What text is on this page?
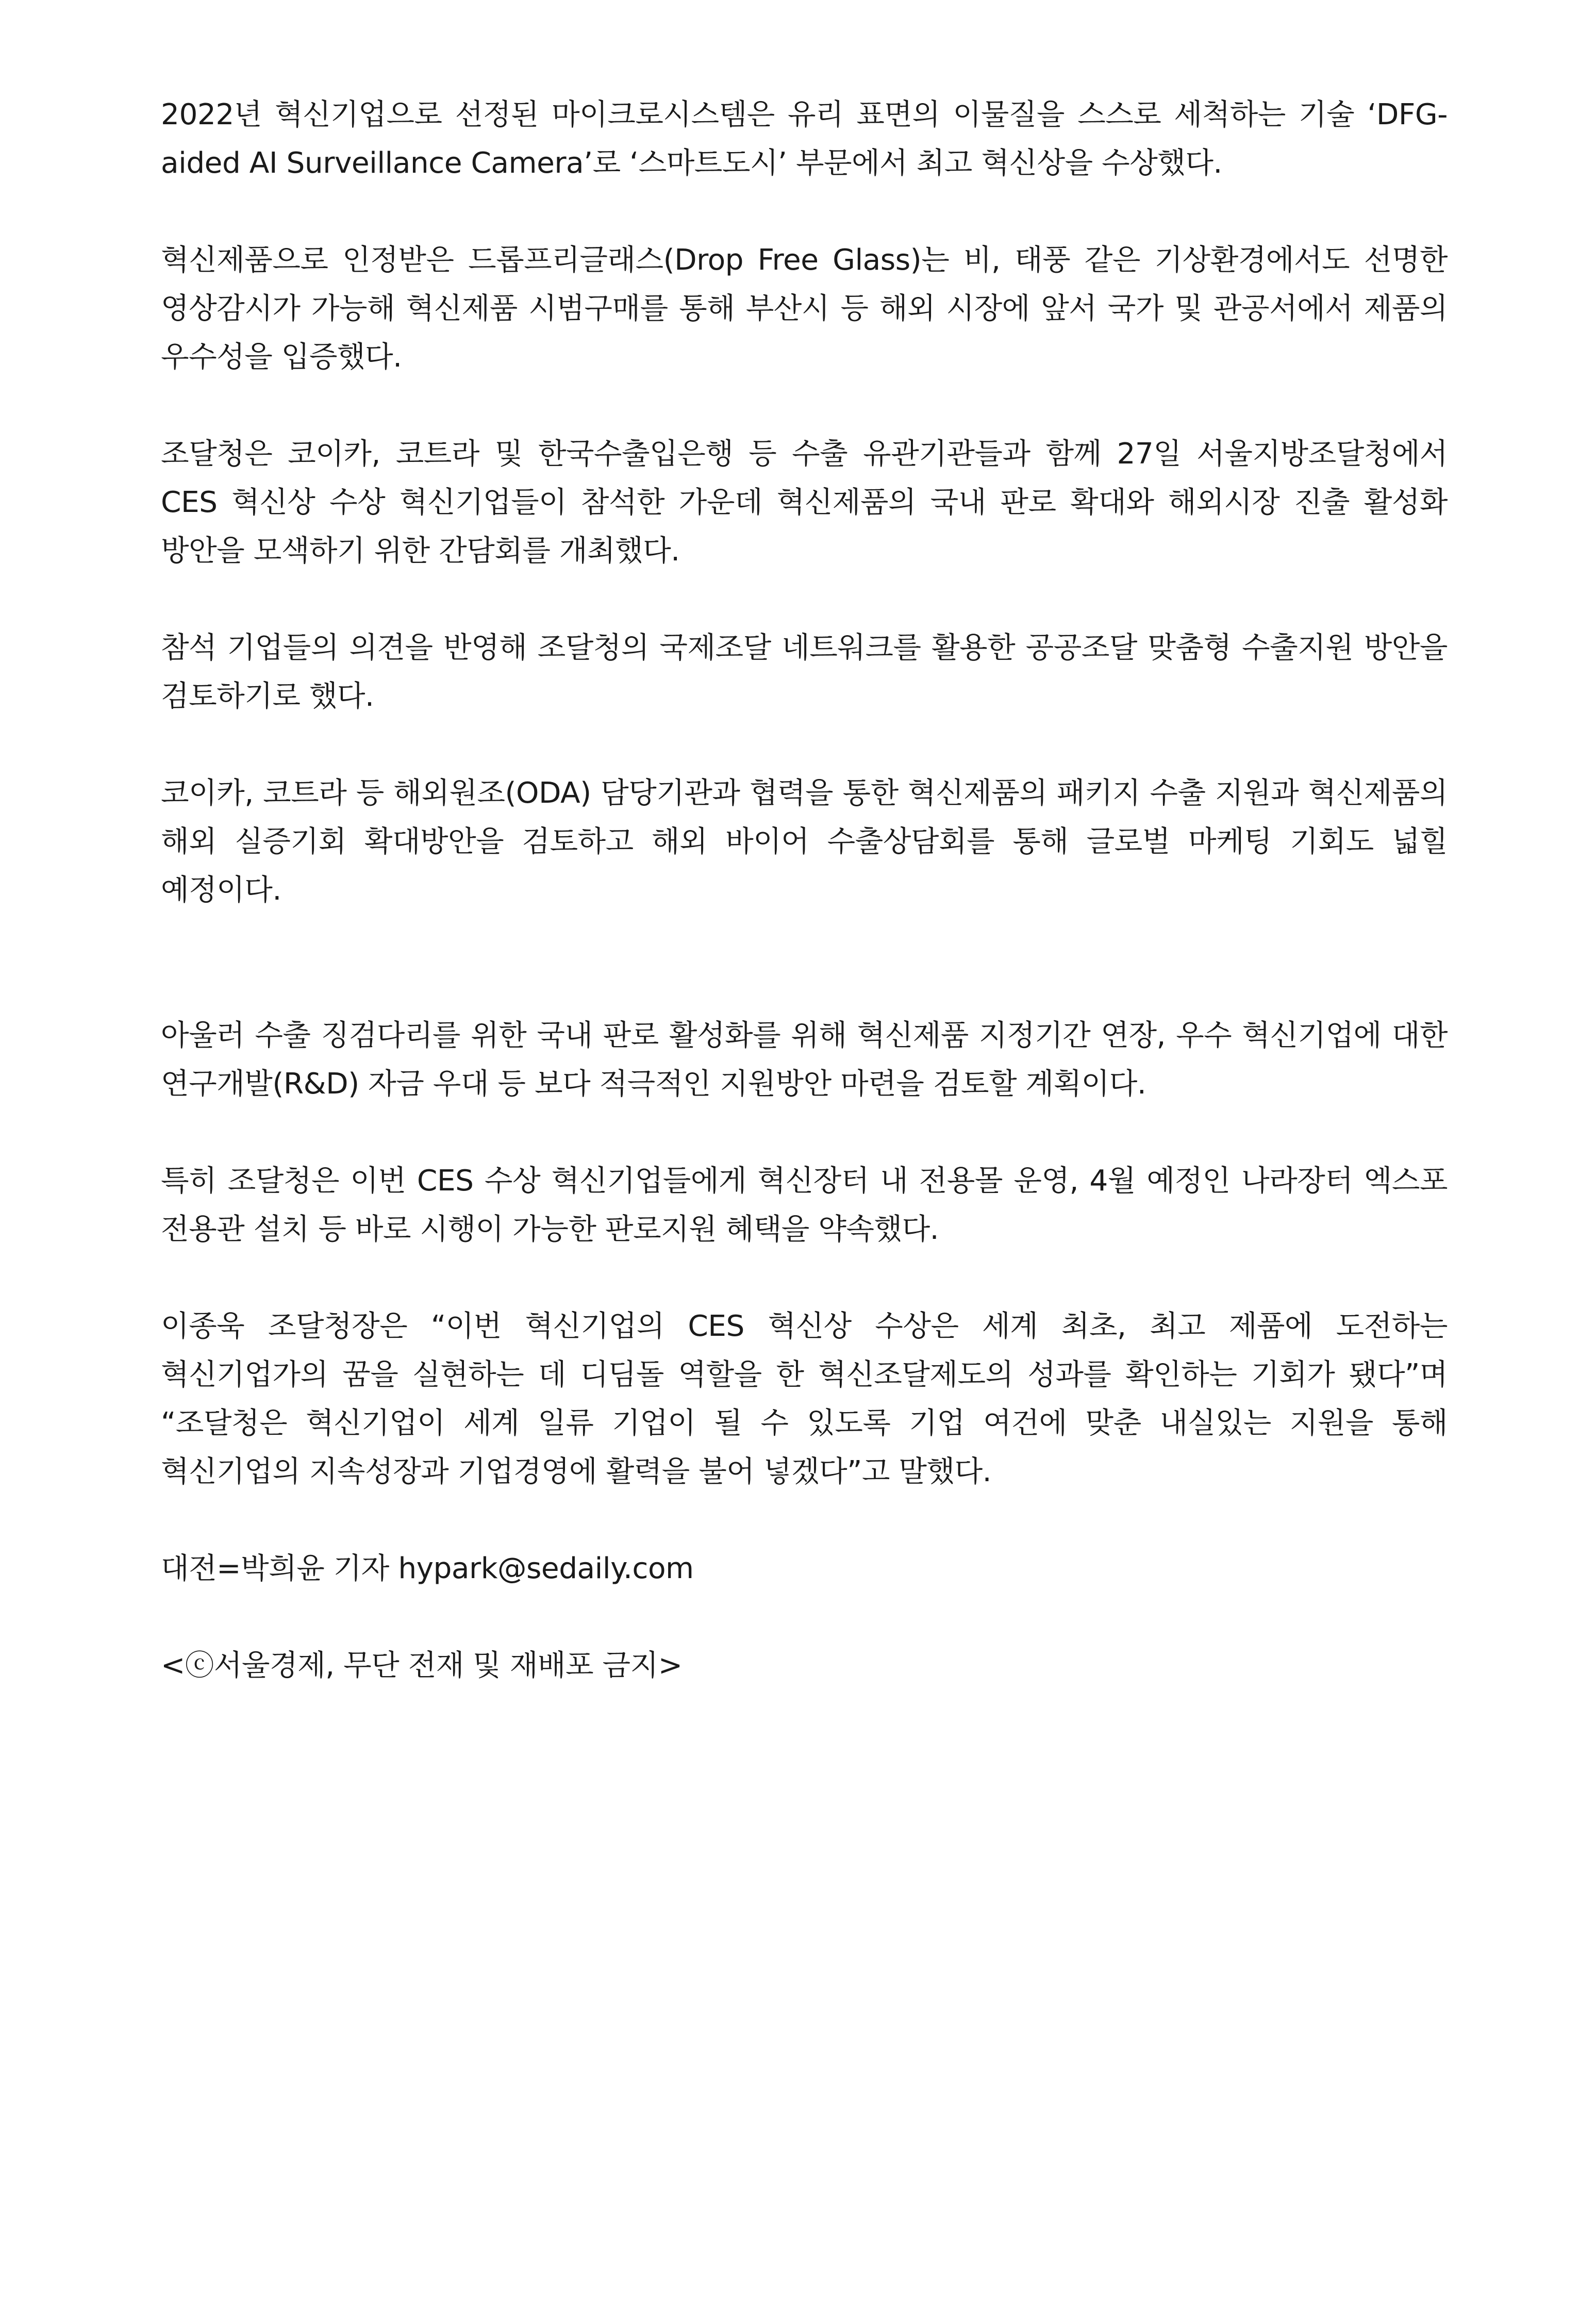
2022년 혁신기업으로 선정된 마이크로시스템은 유리 표면의 이물질을 스스로 세척하는 기술 ‘DFG-aided AI Surveillance Camera’로 ‘스마트도시’ 부문에서 최고 혁신상을 수상했다.

혁신제품으로 인정받은 드롭프리글래스(Drop Free Glass)는 비, 태풍 같은 기상환경에서도 선명한 영상감시가 가능해 혁신제품 시범구매를 통해 부산시 등 해외 시장에 앞서 국가 및 관공서에서 제품의 우수성을 입증했다.

조달청은 코이카, 코트라 및 한국수출입은행 등 수출 유관기관들과 함께 27일 서울지방조달청에서 CES 혁신상 수상 혁신기업들이 참석한 가운데 혁신제품의 국내 판로 확대와 해외시장 진출 활성화 방안을 모색하기 위한 간담회를 개최했다.

참석 기업들의 의견을 반영해 조달청의 국제조달 네트워크를 활용한 공공조달 맞춤형 수출지원 방안을 검토하기로 했다.

코이카, 코트라 등 해외원조(ODA) 담당기관과 협력을 통한 혁신제품의 패키지 수출 지원과 혁신제품의 해외 실증기회 확대방안을 검토하고 해외 바이어 수출상담회를 통해 글로벌 마케팅 기회도 넓힐 예정이다.

아울러 수출 징검다리를 위한 국내 판로 활성화를 위해 혁신제품 지정기간 연장, 우수 혁신기업에 대한 연구개발(R&D) 자금 우대 등 보다 적극적인 지원방안 마련을 검토할 계획이다.

특히 조달청은 이번 CES 수상 혁신기업들에게 혁신장터 내 전용몰 운영, 4월 예정인 나라장터 엑스포 전용관 설치 등 바로 시행이 가능한 판로지원 혜택을 약속했다.

이종욱 조달청장은 “이번 혁신기업의 CES 혁신상 수상은 세계 최초, 최고 제품에 도전하는 혁신기업가의 꿈을 실현하는 데 디딤돌 역할을 한 혁신조달제도의 성과를 확인하는 기회가 됐다”며 “조달청은 혁신기업이 세계 일류 기업이 될 수 있도록 기업 여건에 맞춘 내실있는 지원을 통해 혁신기업의 지속성장과 기업경영에 활력을 불어 넣겠다”고 말했다.

대전=박희윤 기자 hypark@sedaily.com

<ⓒ서울경제, 무단 전재 및 재배포 금지>
